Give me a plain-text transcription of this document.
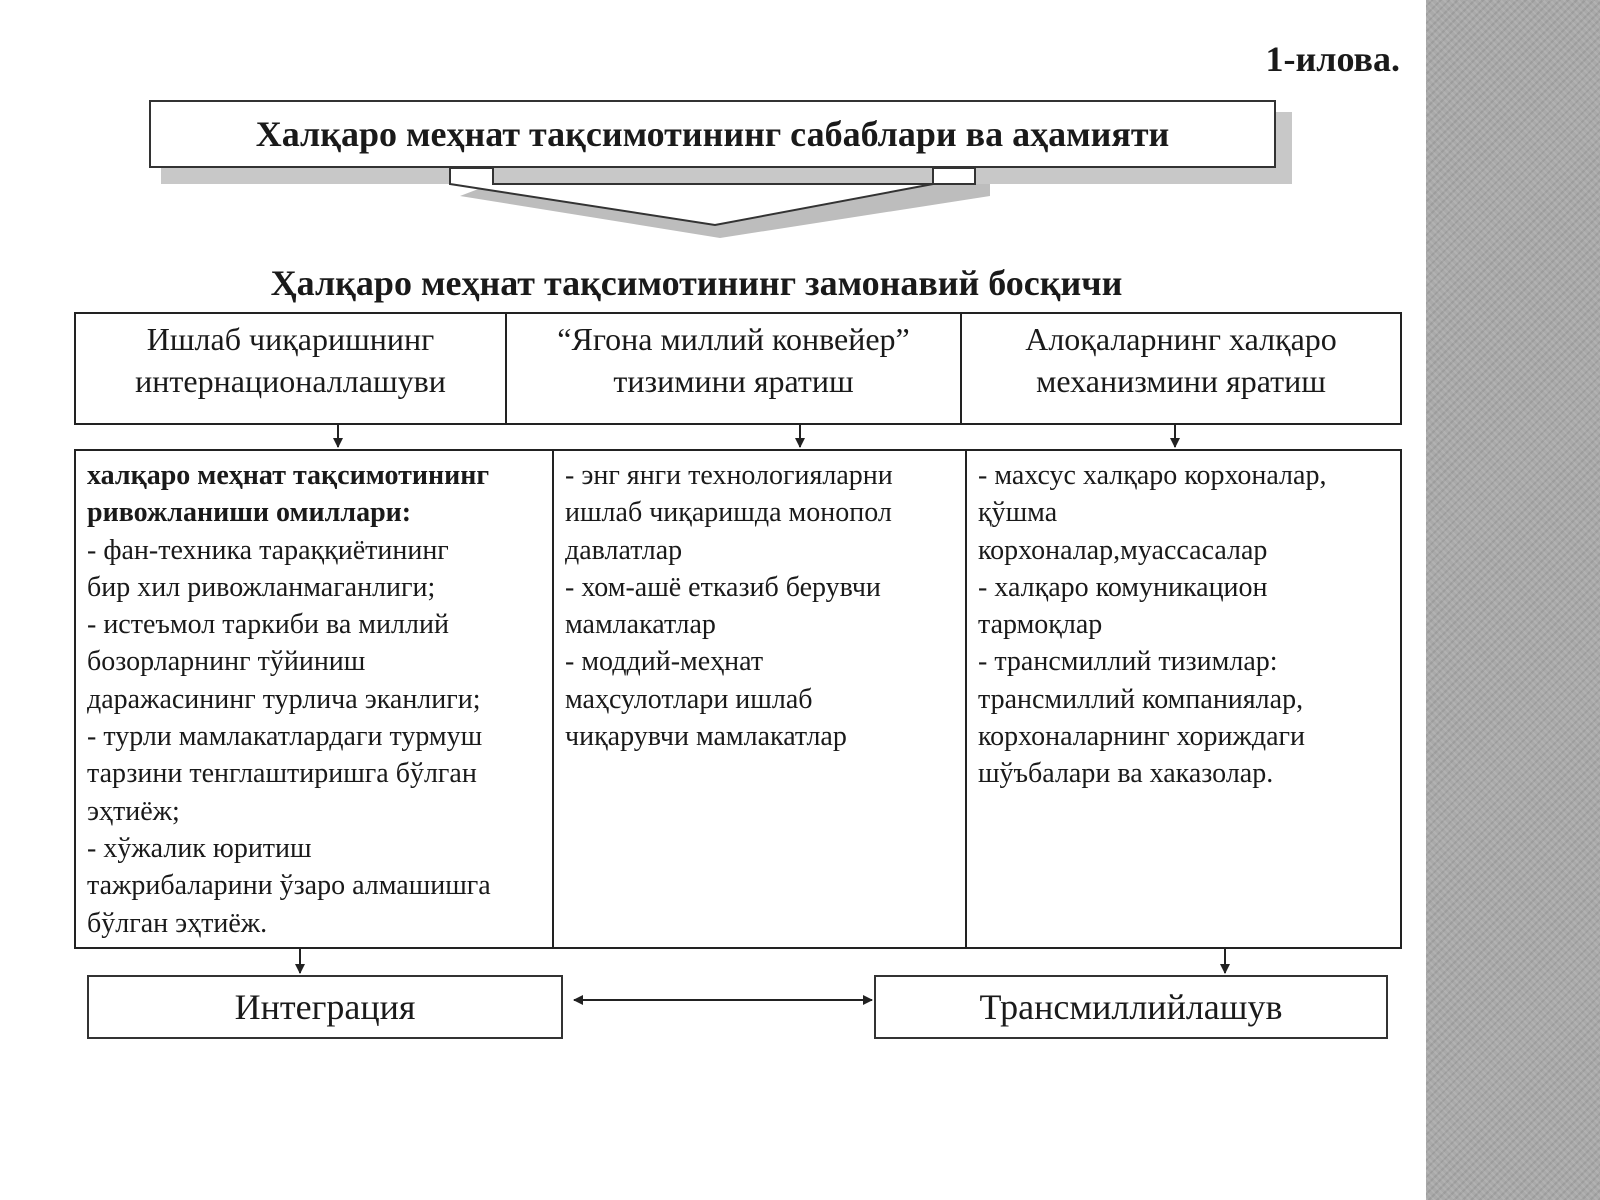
1-илова.
Халқаро меҳнат тақсимотининг сабаблари ва аҳамияти
Ҳалқаро меҳнат тақсимотининг замонавий босқичи
Ишлаб чиқаришнинг
интернационаллашуви
“Ягона миллий конвейер”
тизимини яратиш
Алоқаларнинг халқаро
механизмини яратиш
халқаро меҳнат тақсимотининг
ривожланиши омиллари:
- фан-техника тараққиётининг
бир хил ривожланмаганлиги;
- истеъмол таркиби ва миллий
бозорларнинг тўйиниш
даражасининг турлича эканлиги;
- турли мамлакатлардаги турмуш
тарзини тенглаштиришга бўлган
эҳтиёж;
- хўжалик юритиш
тажрибаларини ўзаро алмашишга
бўлган эҳтиёж.
- энг янги технологияларни
ишлаб чиқаришда монопол
давлатлар
- хом-ашё етказиб берувчи
мамлакатлар
- моддий-меҳнат
маҳсулотлари ишлаб
чиқарувчи мамлакатлар
- махсус халқаро корхоналар,
қўшма
корхоналар,муассасалар
- халқаро комуникацион
тармоқлар
- трансмиллий тизимлар:
трансмиллий компаниялар,
корхоналарнинг хориждаги
шўъбалари ва хаказолар.
Интеграция	Трансмиллийлашув
